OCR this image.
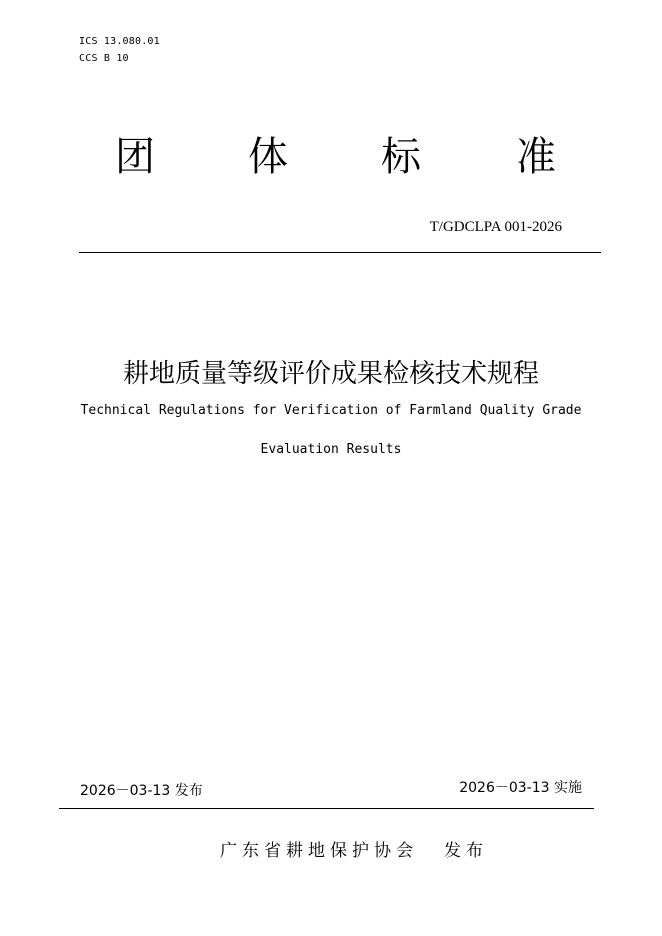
ICS 13.080.01
CCS B 10
团 体 标 准
T/GDCLPA 001-2026
耕地质量等级评价成果检核技术规程
Technical Regulations for Verification of Farmland Quality Grade
Evaluation Results
2026－03-13 发布	2026－03-13 实施
广东省耕地保护协会 发布
